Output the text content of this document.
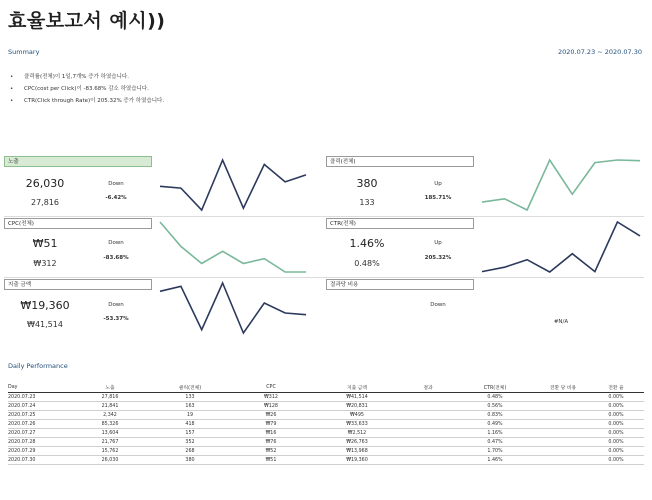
효율보고서 예시))
Summary	2020.07.23 ~ 2020.07.30
• 클릭률(전체)이 1일,7개% 증가 하였습니다.
• CPC(cost per Click)이 -83.68% 감소 하였습니다.
• CTR(Click through Rate)이 205.32% 증가 하였습니다.
노출
26,030
27,816
Down
-6.42%
클릭(전체)
380
133
Up
185.71%
CPC(전체)
₩51
₩312
Down
-83.68%
CTR(전체)
1.46%
0.48%
Up
205.32%
지출 금액
₩19,360
₩41,514
Down
-53.37%
결과당 비용
Down
#N/A
Daily Performance
Day	노출	클릭(전체)	CPC	지출 금액	결과	CTR(전체)	전환 당 비용	전환 율
2020.07.23	27,816	133	₩312	₩41,514		0.48%		0.00%
2020.07.24	21,841	163	₩128	₩20,831		0.56%		0.00%
2020.07.25	2,342	19	₩26	₩495		0.83%		0.00%
2020.07.26	85,326	418	₩79	₩33,633		0.49%		0.00%
2020.07.27	13,604	157	₩16	₩2,512		1.16%		0.00%
2020.07.28	21,767	352	₩76	₩26,763		0.47%		0.00%
2020.07.29	15,762	268	₩52	₩13,968		1.70%		0.00%
2020.07.30	26,030	380	₩51	₩19,360		1.46%		0.00%
